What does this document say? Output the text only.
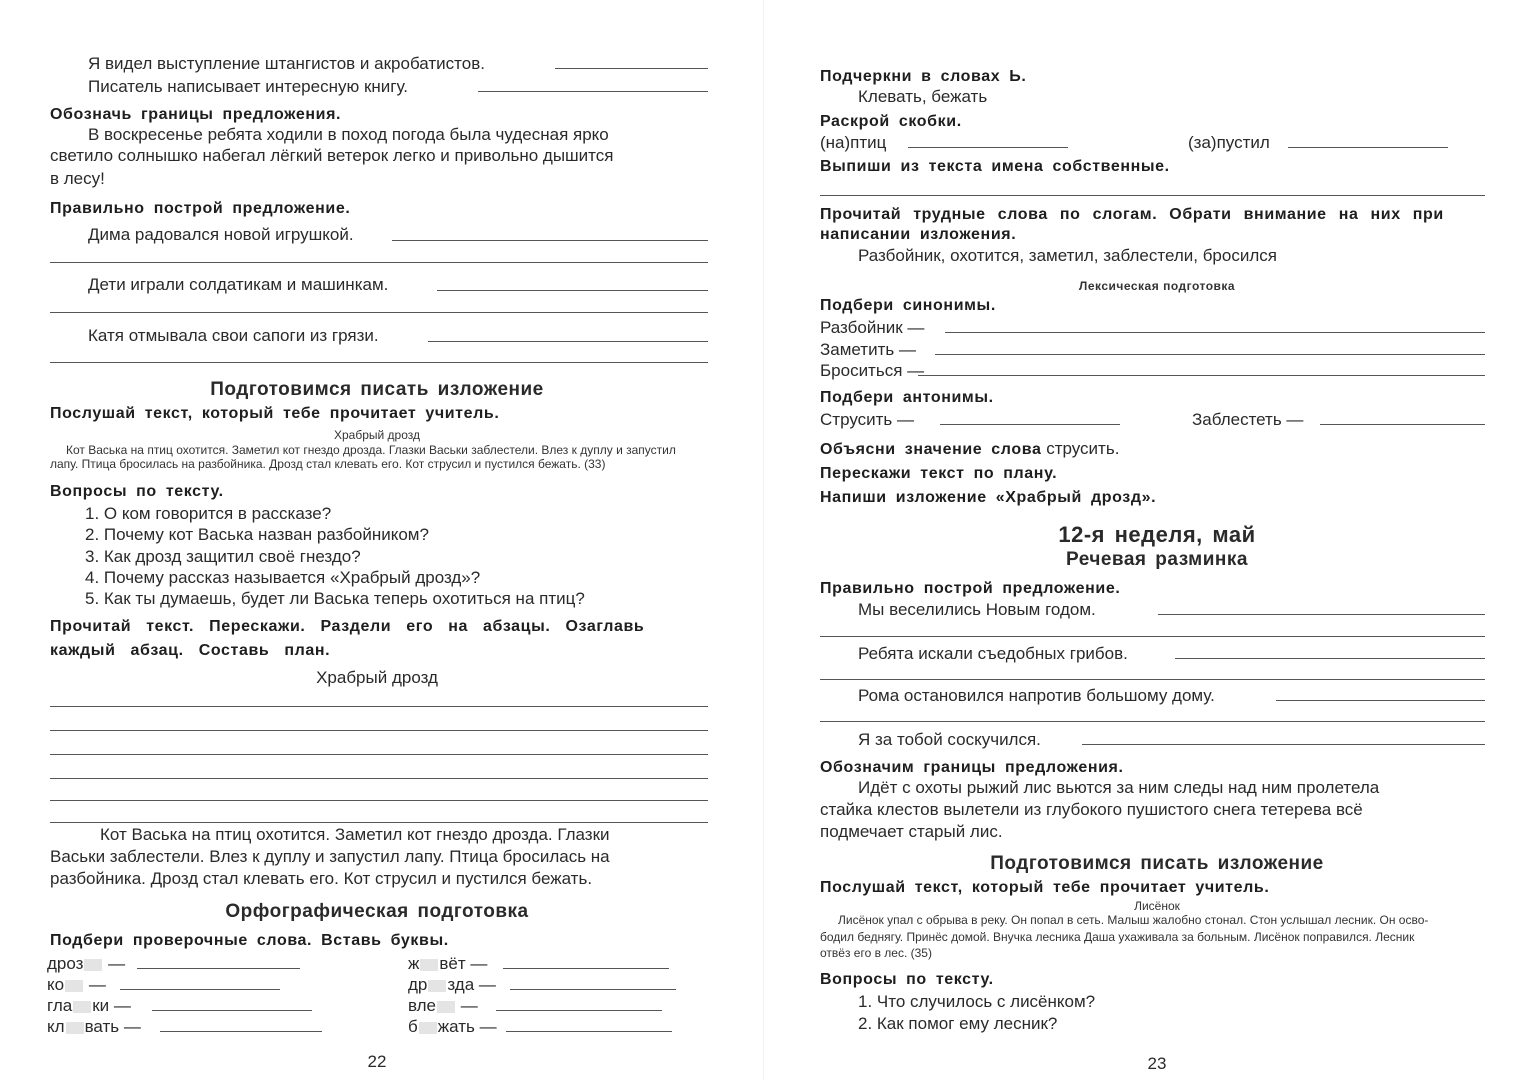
Я видел выступление штангистов и акробатистов.
Писатель написывает интересную книгу.
Обозначь границы предложения.
В воскресенье ребята ходили в поход погода была чудесная ярко
светило солнышко набегал лёгкий ветерок легко и привольно дышится
в лесу!
Правильно построй предложение.
Дима радовался новой игрушкой.
Дети играли солдатикам и машинкам.
Катя отмывала свои сапоги из грязи.
Подготовимся писать изложение
Послушай текст, который тебе прочитает учитель.
Храбрый дрозд
Кот Васька на птиц охотится. Заметил кот гнездо дрозда. Глазки Васьки заблестели. Влез к дуплу и запустил
лапу. Птица бросилась на разбойника. Дрозд стал клевать его. Кот струсил и пустился бежать. (33)
Вопросы по тексту.
1. О ком говорится в рассказе?
2. Почему кот Васька назван разбойником?
3. Как дрозд защитил своё гнездо?
4. Почему рассказ называется «Храбрый дрозд»?
5. Как ты думаешь, будет ли Васька теперь охотиться на птиц?
Прочитай текст. Перескажи. Раздели его на абзацы. Озаглавь
каждый абзац. Составь план.
Храбрый дрозд
Кот Васька на птиц охотится. Заметил кот гнездо дрозда. Глазки
Васьки заблестели. Влез к дуплу и запустил лапу. Птица бросилась на
разбойника. Дрозд стал клевать его. Кот струсил и пустился бежать.
Орфографическая подготовка
Подбери проверочные слова. Вставь буквы.
дроз —
ко —
гла ки —
кл вать —
ж вёт —
др зда —
вле —
б жать —
22
Подчеркни в словах Ь.
Клевать, бежать
Раскрой скобки.
(на)птиц	(за)пустил
Выпиши из текста имена собственные.
Прочитай трудные слова по слогам. Обрати внимание на них при
написании изложения.
Разбойник, охотится, заметил, заблестели, бросился
Лексическая подготовка
Подбери синонимы.
Разбойник —
Заметить —
Броситься —
Подбери антонимы.
Струсить —	Заблестеть —
Объясни значение слова струсить.
Перескажи текст по плану.
Напиши изложение «Храбрый дрозд».
12-я неделя, май
Речевая разминка
Правильно построй предложение.
Мы веселились Новым годом.
Ребята искали съедобных грибов.
Рома остановился напротив большому дому.
Я за тобой соскучился.
Обозначим границы предложения.
Идёт с охоты рыжий лис вьются за ним следы над ним пролетела
стайка клестов вылетели из глубокого пушистого снега тетерева всё
подмечает старый лис.
Подготовимся писать изложение
Послушай текст, который тебе прочитает учитель.
Лисёнок
Лисёнок упал с обрыва в реку. Он попал в сеть. Малыш жалобно стонал. Стон услышал лесник. Он осво-
бодил беднягу. Принёс домой. Внучка лесника Даша ухаживала за больным. Лисёнок поправился. Лесник
отвёз его в лес. (35)
Вопросы по тексту.
1. Что случилось с лисёнком?
2. Как помог ему лесник?
23
